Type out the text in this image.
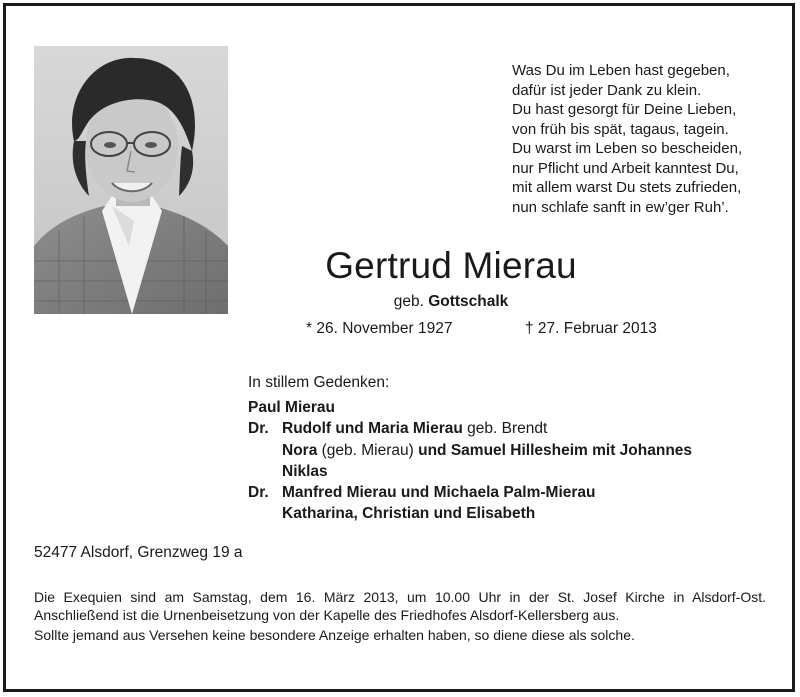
Was Du im Leben hast gegeben,
dafür ist jeder Dank zu klein.
Du hast gesorgt für Deine Lieben,
von früh bis spät, tagaus, tagein.
Du warst im Leben so bescheiden,
nur Pflicht und Arbeit kanntest Du,
mit allem warst Du stets zufrieden,
nun schlafe sanft in ew’ger Ruh’.
Gertrud Mierau
geb. Gottschalk
* 26. November 1927	† 27. Februar 2013
In stillem Gedenken:
Paul Mierau
Dr. Rudolf und Maria Mierau geb. Brendt
Nora (geb. Mierau) und Samuel Hillesheim mit Johannes
Niklas
Dr. Manfred Mierau und Michaela Palm-Mierau
Katharina, Christian und Elisabeth
52477 Alsdorf, Grenzweg 19 a
Die Exequien sind am Samstag, dem 16. März 2013, um 10.00 Uhr in der St. Josef Kirche in Alsdorf-Ost. Anschließend ist die Urnenbeisetzung von der Kapelle des Friedhofes Alsdorf-Kellersberg aus.
Sollte jemand aus Versehen keine besondere Anzeige erhalten haben, so diene diese als solche.
